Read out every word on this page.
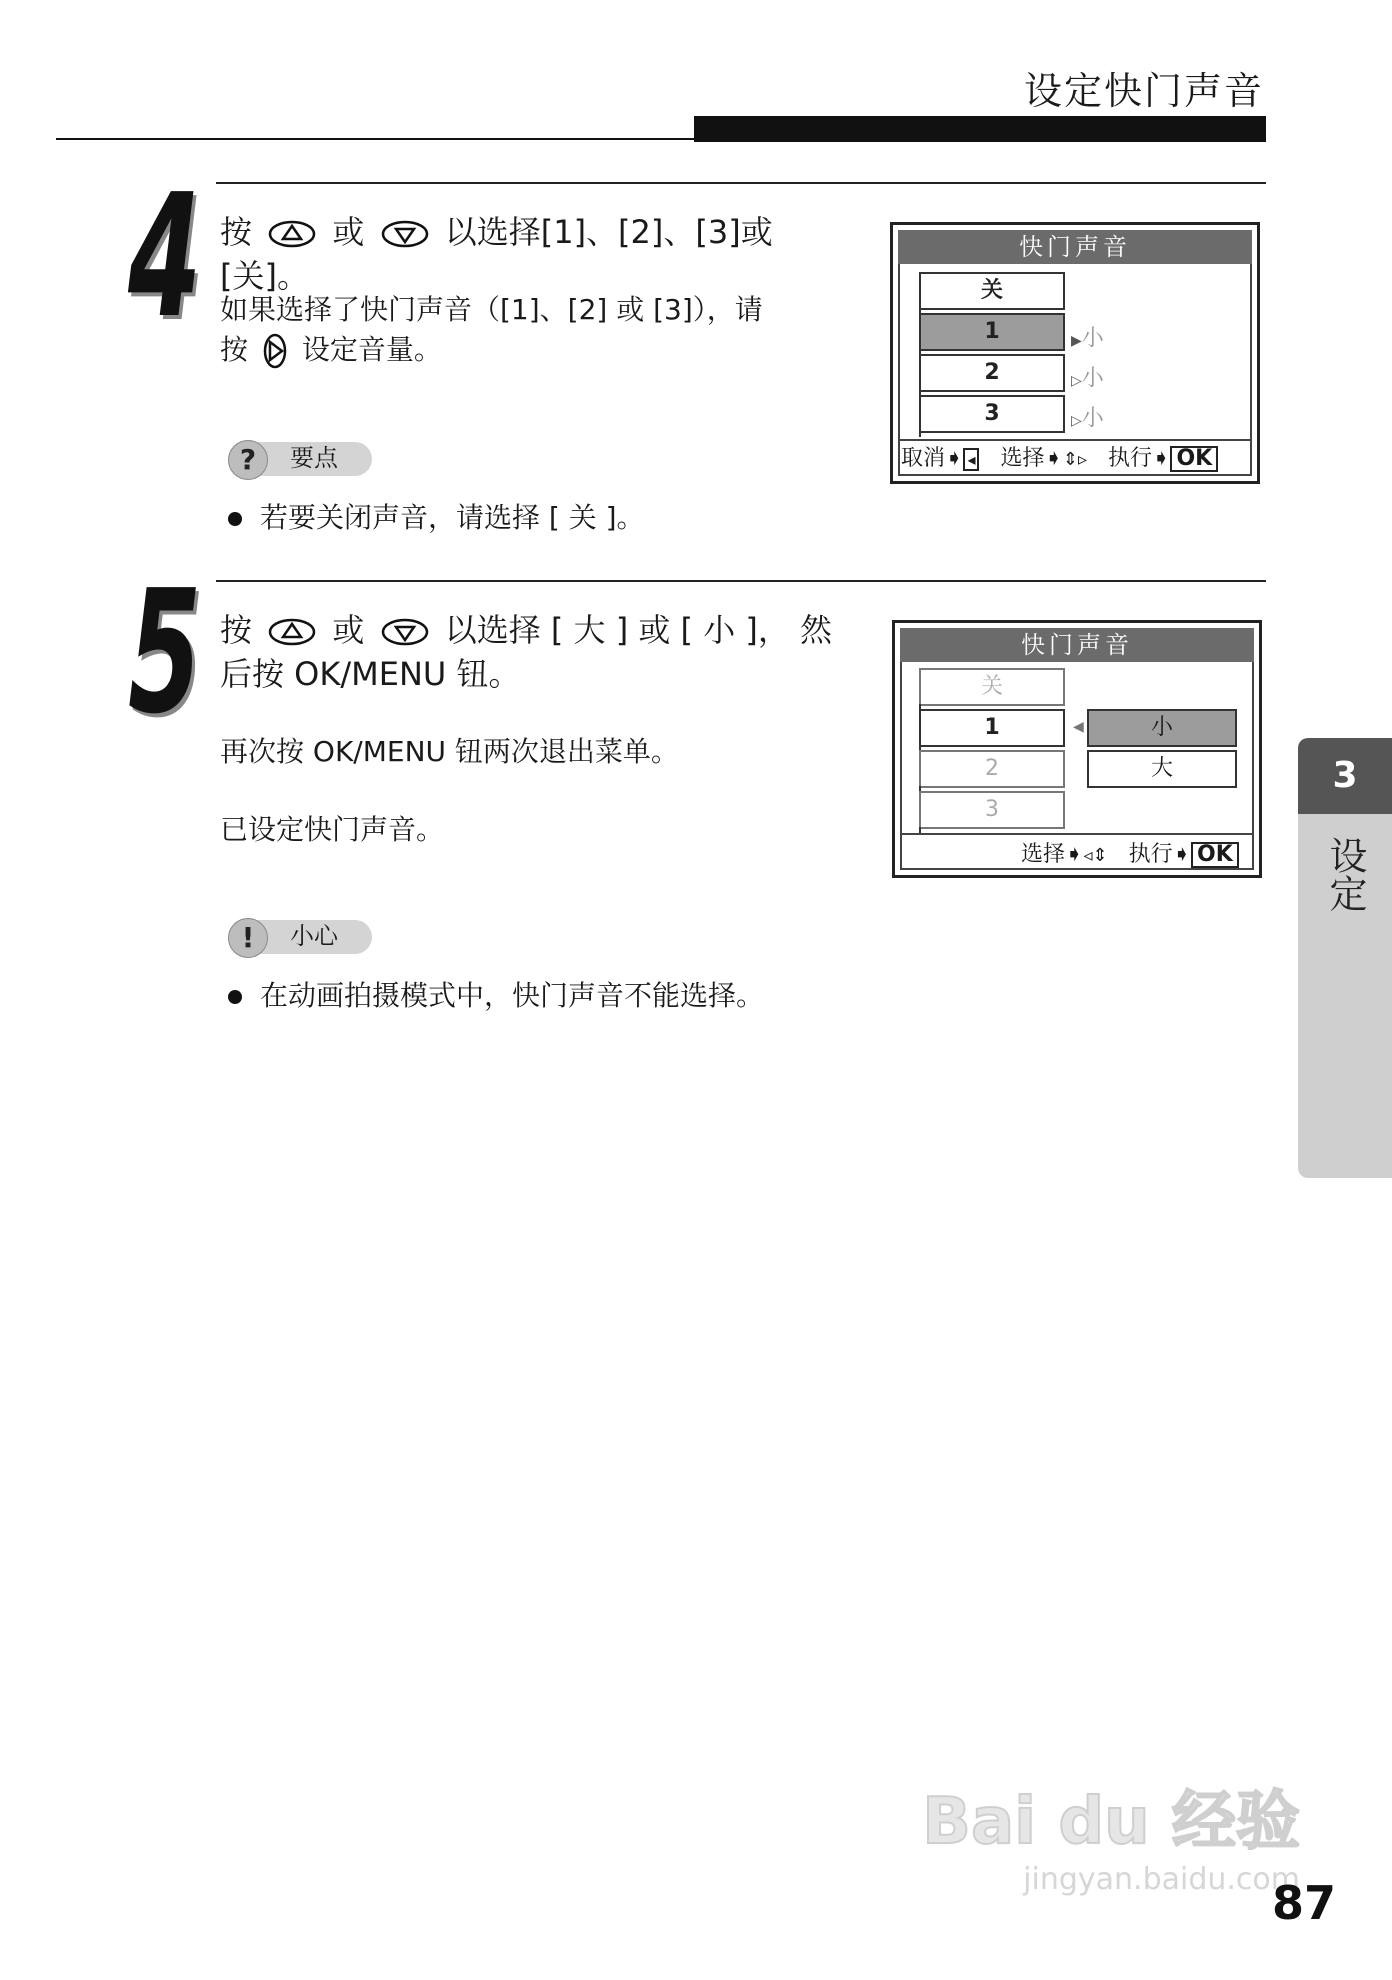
设定快门声音
4 按	或	以选择[1]、[2]、[3]或[关]。
如果选择了快门声音（[1]、[2] 或 [3]），请
按 设定音量。
?	要点
若要关闭声音，请选择 [ 关 ]。
快门声音
关
1
2
3
▶小
▷小
▷小
取消➧ ◂ 选择➧⇕▹ 执行➧ OK
5 按	或	以选择 [ 大 ] 或 [ 小 ]， 然
后按 OK/MENU 钮。
再次按 OK/MENU 钮两次退出菜单。
已设定快门声音。
!	小心
在动画拍摄模式中，快门声音不能选择。
快门声音
关
1
2
3
◀	小
大
选择➧◃⇕ 执行➧ OK
3
设定
Bai du 经验
jingyan.baidu.com
87
